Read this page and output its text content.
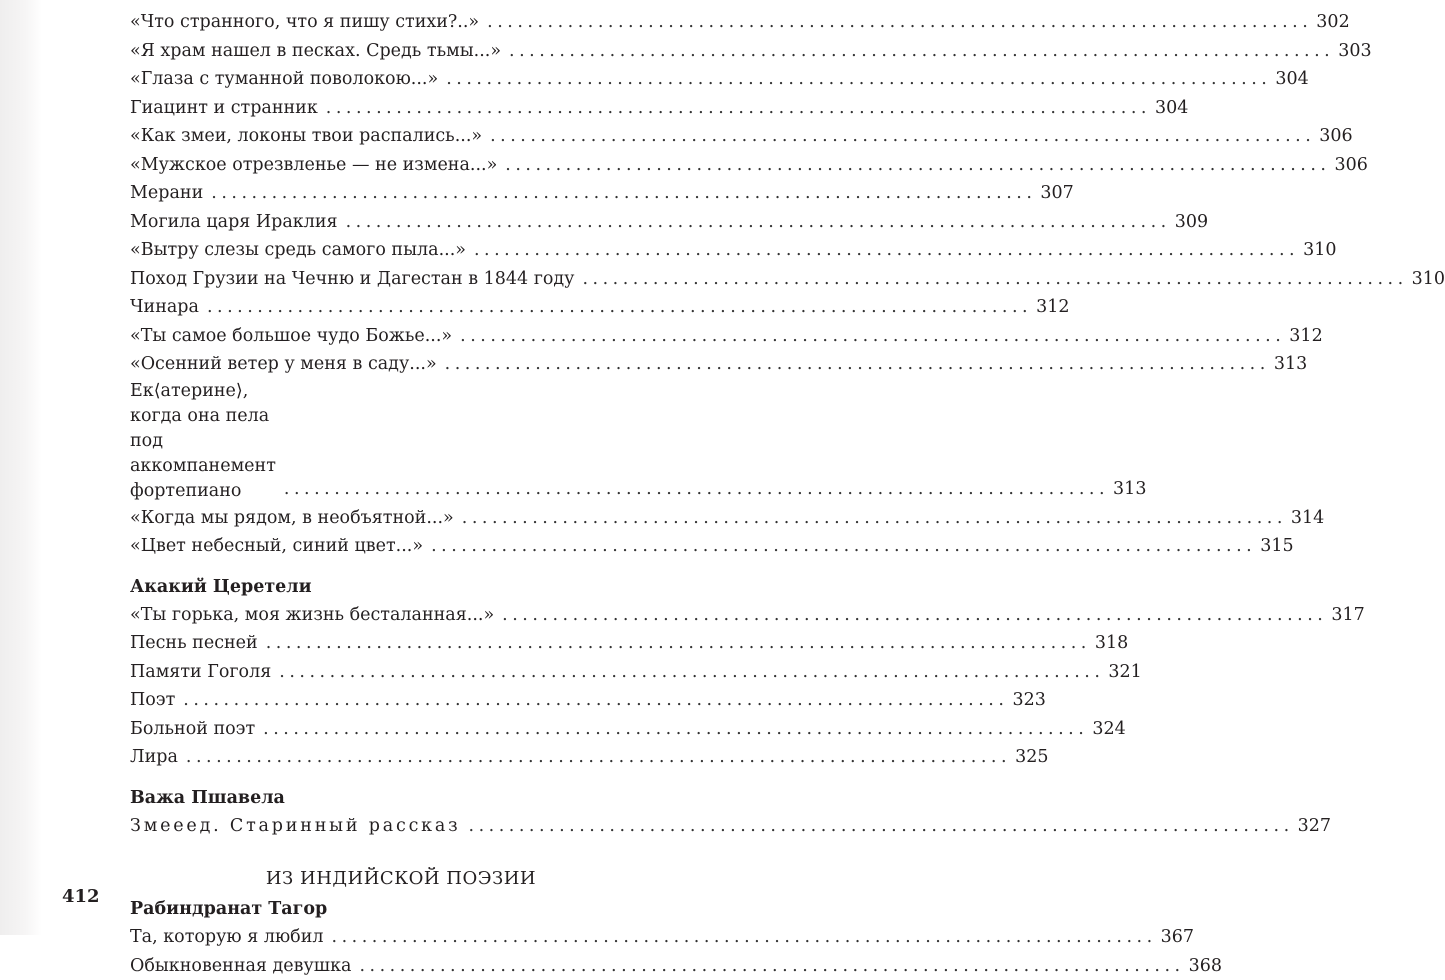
«Что странного, что я пишу стихи?..» .................................................................................. 302
«Я храм нашел в песках. Средь тьмы...» .................................................................................. 303
«Глаза с туманной поволокою...» .................................................................................. 304
Гиацинт и странник .................................................................................. 304
«Как змеи, локоны твои распались...» .................................................................................. 306
«Мужское отрезвленье — не измена...» .................................................................................. 306
Мерани .................................................................................. 307
Могила царя Ираклия .................................................................................. 309
«Вытру слезы средь самого пыла...» .................................................................................. 310
Поход Грузии на Чечню и Дагестан в 1844 году .................................................................................. 310
Чинара .................................................................................. 312
«Ты самое большое чудо Божье...» .................................................................................. 312
«Осенний ветер у меня в саду...» .................................................................................. 313
Ек⟨атерине⟩, когда она пела под аккомпанемент
фортепиано	.................................................................................. 313
«Когда мы рядом, в необъятной...» .................................................................................. 314
«Цвет небесный, синий цвет...» .................................................................................. 315
Акакий Церетели
«Ты горька, моя жизнь бесталанная...» .................................................................................. 317
Песнь песней .................................................................................. 318
Памяти Гоголя .................................................................................. 321
Поэт .................................................................................. 323
Больной поэт .................................................................................. 324
Лира .................................................................................. 325
Важа Пшавела
Змееед. Старинный рассказ .................................................................................. 327
ИЗ ИНДИЙСКОЙ ПОЭЗИИ
Рабиндранат Тагор
Та, которую я любил .................................................................................. 367
Обыкновенная девушка .................................................................................. 368
412
